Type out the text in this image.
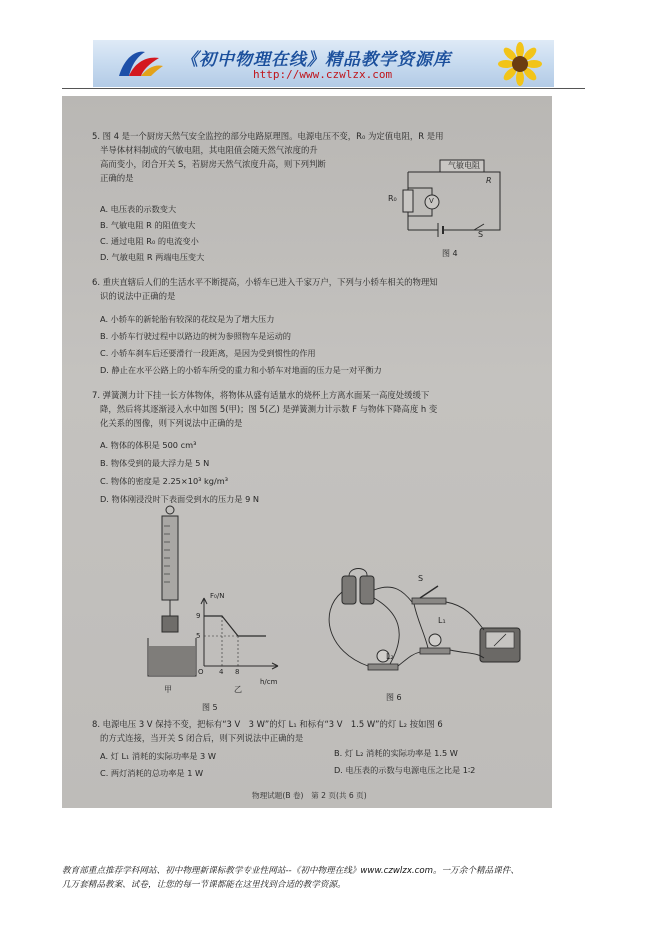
《初中物理在线》精品教学资源库
http://www.czwlzx.com
5. 图 4 是一个厨房天然气安全监控的部分电路原理图。电源电压不变，R₀ 为定值电阻，R 是用
半导体材料制成的气敏电阻，其电阻值会随天然气浓度的升
高而变小，闭合开关 S，若厨房天然气浓度升高，则下列判断
正确的是
A. 电压表的示数变大
B. 气敏电阻 R 的阻值变大
C. 通过电阻 R₀ 的电流变小
D. 气敏电阻 R 两端电压变大
气敏电阻
R
R₀	V
S
图 4
6. 重庆直辖后人们的生活水平不断提高，小轿车已进入千家万户，下列与小轿车相关的物理知
识的说法中正确的是
A. 小轿车的新轮胎有较深的花纹是为了增大压力
B. 小轿车行驶过程中以路边的树为参照物车是运动的
C. 小轿车刹车后还要滑行一段距离，是因为受到惯性的作用
D. 静止在水平公路上的小轿车所受的重力和小轿车对地面的压力是一对平衡力
7. 弹簧测力计下挂一长方体物体，将物体从盛有适量水的烧杯上方离水面某一高度处缓缓下
降，然后将其逐渐浸入水中如图 5(甲)；图 5(乙) 是弹簧测力计示数 F 与物体下降高度 h 变
化关系的图像，则下列说法中正确的是
A. 物体的体积是 500 cm³
B. 物体受到的最大浮力是 5 N
C. 物体的密度是 2.25×10³ kg/m³
D. 物体刚浸没时下表面受到水的压力是 9 N
甲
F₀/N
9
5
O 4 8
h/cm
乙
图 5
S
L₁
L₂
图 6
8. 电源电压 3 V 保持不变，把标有“3 V　3 W”的灯 L₁ 和标有“3 V　1.5 W”的灯 L₂ 按如图 6
的方式连接，当开关 S 闭合后，则下列说法中正确的是
A. 灯 L₁ 消耗的实际功率是 3 W	B. 灯 L₂ 消耗的实际功率是 1.5 W
C. 两灯消耗的总功率是 1 W	D. 电压表的示数与电源电压之比是 1∶2
物理试题(B 卷)　第 2 页(共 6 页)
教育部重点推荐学科网站、初中物理新课标教学专业性网站--《初中物理在线》www.czwlzx.com。一万余个精品课件、
几万套精品教案、试卷，让您的每一节课都能在这里找到合适的教学资源。
